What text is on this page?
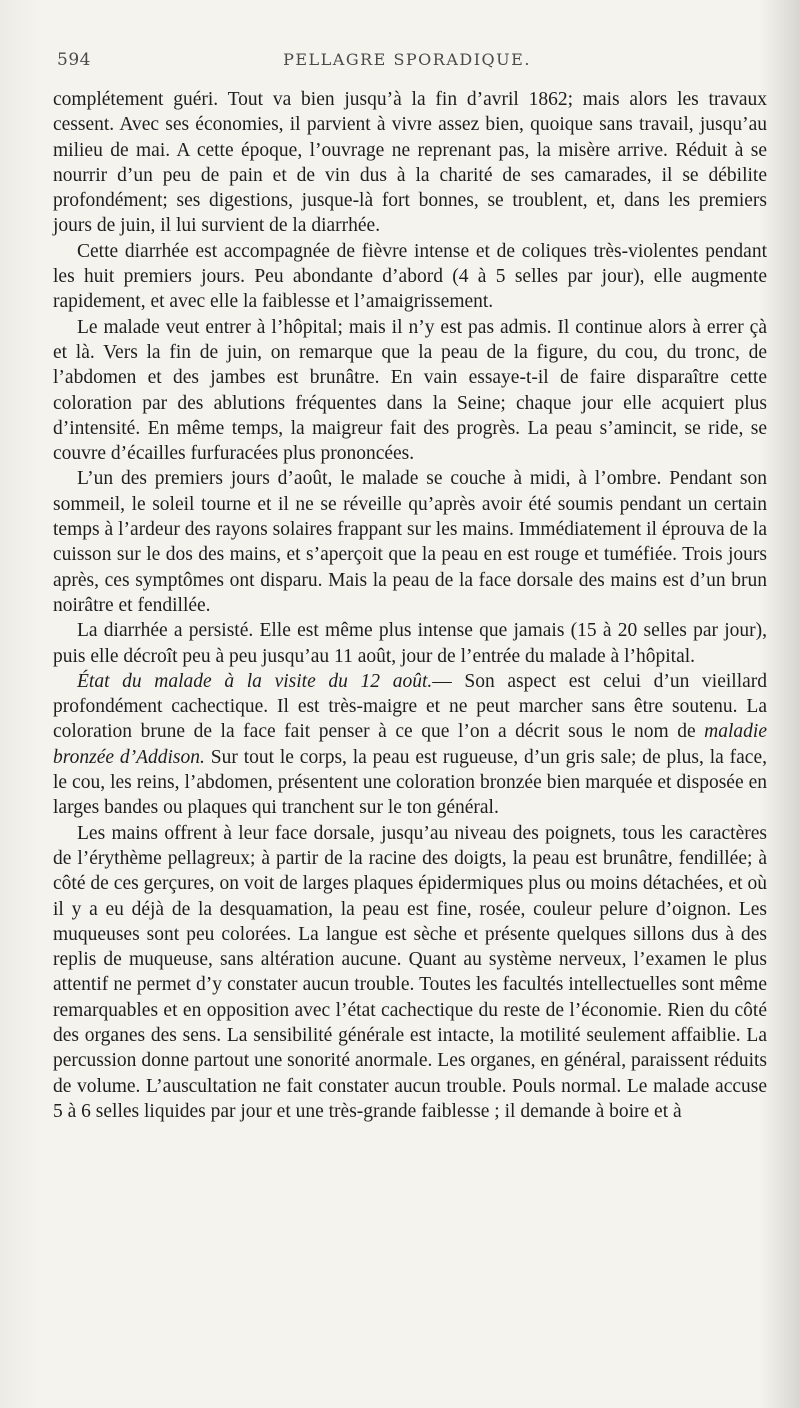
594	PELLAGRE SPORADIQUE.

complétement guéri. Tout va bien jusqu’à la fin d’avril 1862; mais alors les travaux cessent. Avec ses économies, il parvient à vivre assez bien, quoique sans travail, jusqu’au milieu de mai. A cette époque, l’ouvrage ne reprenant pas, la misère arrive. Réduit à se nourrir d’un peu de pain et de vin dus à la charité de ses camarades, il se débilite profondément; ses digestions, jusque-là fort bonnes, se troublent, et, dans les premiers jours de juin, il lui survient de la diarrhée.

Cette diarrhée est accompagnée de fièvre intense et de coliques très-violentes pendant les huit premiers jours. Peu abondante d’abord (4 à 5 selles par jour), elle augmente rapidement, et avec elle la faiblesse et l’amaigrissement.

Le malade veut entrer à l’hôpital; mais il n’y est pas admis. Il continue alors à errer çà et là. Vers la fin de juin, on remarque que la peau de la figure, du cou, du tronc, de l’abdomen et des jambes est brunâtre. En vain essaye-t-il de faire disparaître cette coloration par des ablutions fréquentes dans la Seine; chaque jour elle acquiert plus d’intensité. En même temps, la maigreur fait des progrès. La peau s’amincit, se ride, se couvre d’écailles furfuracées plus prononcées.

L’un des premiers jours d’août, le malade se couche à midi, à l’ombre. Pendant son sommeil, le soleil tourne et il ne se réveille qu’après avoir été soumis pendant un certain temps à l’ardeur des rayons solaires frappant sur les mains. Immédiatement il éprouva de la cuisson sur le dos des mains, et s’aperçoit que la peau en est rouge et tuméfiée. Trois jours après, ces symptômes ont disparu. Mais la peau de la face dorsale des mains est d’un brun noirâtre et fendillée.

La diarrhée a persisté. Elle est même plus intense que jamais (15 à 20 selles par jour), puis elle décroît peu à peu jusqu’au 11 août, jour de l’entrée du malade à l’hôpital.

État du malade à la visite du 12 août.— Son aspect est celui d’un vieillard profondément cachectique. Il est très-maigre et ne peut marcher sans être soutenu. La coloration brune de la face fait penser à ce que l’on a décrit sous le nom de maladie bronzée d’Addison. Sur tout le corps, la peau est rugueuse, d’un gris sale; de plus, la face, le cou, les reins, l’abdomen, présentent une coloration bronzée bien marquée et disposée en larges bandes ou plaques qui tranchent sur le ton général.

Les mains offrent à leur face dorsale, jusqu’au niveau des poignets, tous les caractères de l’érythème pellagreux; à partir de la racine des doigts, la peau est brunâtre, fendillée; à côté de ces gerçures, on voit de larges plaques épidermiques plus ou moins détachées, et où il y a eu déjà de la desquamation, la peau est fine, rosée, couleur pelure d’oignon. Les muqueuses sont peu colorées. La langue est sèche et présente quelques sillons dus à des replis de muqueuse, sans altération aucune. Quant au système nerveux, l’examen le plus attentif ne permet d’y constater aucun trouble. Toutes les facultés intellectuelles sont même remarquables et en opposition avec l’état cachectique du reste de l’économie. Rien du côté des organes des sens. La sensibilité générale est intacte, la motilité seulement affaiblie. La percussion donne partout une sonorité anormale. Les organes, en général, paraissent réduits de volume. L’auscultation ne fait constater aucun trouble. Pouls normal. Le malade accuse 5 à 6 selles liquides par jour et une très-grande faiblesse ; il demande à boire et à
